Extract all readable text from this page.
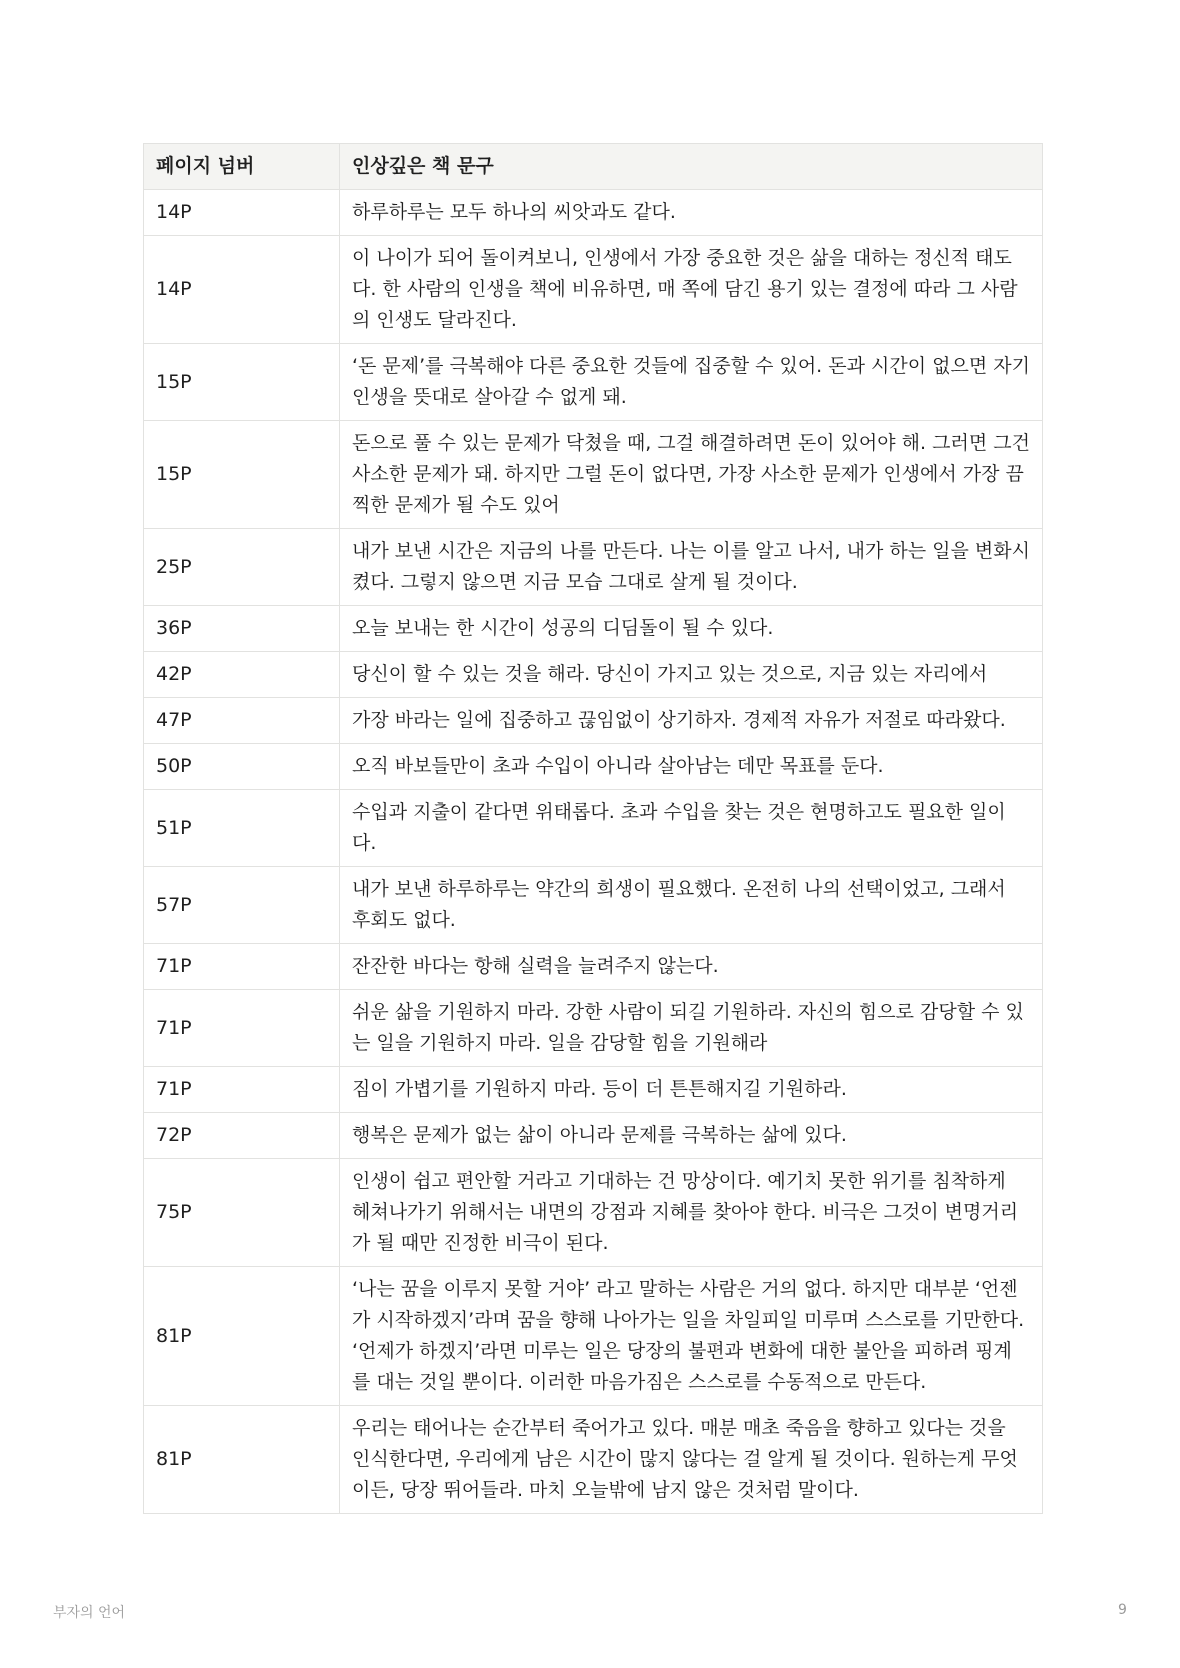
페이지 넘버	인상깊은 책 문구
14P	하루하루는 모두 하나의 씨앗과도 같다.
14P	이 나이가 되어 돌이켜보니, 인생에서 가장 중요한 것은 삶을 대하는 정신적 태도다. 한 사람의 인생을 책에 비유하면, 매 쪽에 담긴 용기 있는 결정에 따라 그 사람의 인생도 달라진다.
15P	‘돈 문제’를 극복해야 다른 중요한 것들에 집중할 수 있어. 돈과 시간이 없으면 자기 인생을 뜻대로 살아갈 수 없게 돼.
15P	돈으로 풀 수 있는 문제가 닥쳤을 때, 그걸 해결하려면 돈이 있어야 해. 그러면 그건 사소한 문제가 돼. 하지만 그럴 돈이 없다면, 가장 사소한 문제가 인생에서 가장 끔찍한 문제가 될 수도 있어
25P	내가 보낸 시간은 지금의 나를 만든다. 나는 이를 알고 나서, 내가 하는 일을 변화시켰다. 그렇지 않으면 지금 모습 그대로 살게 될 것이다.
36P	오늘 보내는 한 시간이 성공의 디딤돌이 될 수 있다.
42P	당신이 할 수 있는 것을 해라. 당신이 가지고 있는 것으로, 지금 있는 자리에서
47P	가장 바라는 일에 집중하고 끊임없이 상기하자. 경제적 자유가 저절로 따라왔다.
50P	오직 바보들만이 초과 수입이 아니라 살아남는 데만 목표를 둔다.
51P	수입과 지출이 같다면 위태롭다. 초과 수입을 찾는 것은 현명하고도 필요한 일이다.
57P	내가 보낸 하루하루는 약간의 희생이 필요했다. 온전히 나의 선택이었고, 그래서 후회도 없다.
71P	잔잔한 바다는 항해 실력을 늘려주지 않는다.
71P	쉬운 삶을 기원하지 마라. 강한 사람이 되길 기원하라. 자신의 힘으로 감당할 수 있는 일을 기원하지 마라. 일을 감당할 힘을 기원해라
71P	짐이 가볍기를 기원하지 마라. 등이 더 튼튼해지길 기원하라.
72P	행복은 문제가 없는 삶이 아니라 문제를 극복하는 삶에 있다.
75P	인생이 쉽고 편안할 거라고 기대하는 건 망상이다. 예기치 못한 위기를 침착하게 헤쳐나가기 위해서는 내면의 강점과 지혜를 찾아야 한다. 비극은 그것이 변명거리가 될 때만 진정한 비극이 된다.
81P	‘나는 꿈을 이루지 못할 거야’ 라고 말하는 사람은 거의 없다. 하지만 대부분 ‘언젠가 시작하겠지’라며 꿈을 향해 나아가는 일을 차일피일 미루며 스스로를 기만한다. ‘언제가 하겠지’라면 미루는 일은 당장의 불편과 변화에 대한 불안을 피하려 핑계를 대는 것일 뿐이다. 이러한 마음가짐은 스스로를 수동적으로 만든다.
81P	우리는 태어나는 순간부터 죽어가고 있다. 매분 매초 죽음을 향하고 있다는 것을 인식한다면, 우리에게 남은 시간이 많지 않다는 걸 알게 될 것이다. 원하는게 무엇이든, 당장 뛰어들라. 마치 오늘밖에 남지 않은 것처럼 말이다.
부자의 언어	9
